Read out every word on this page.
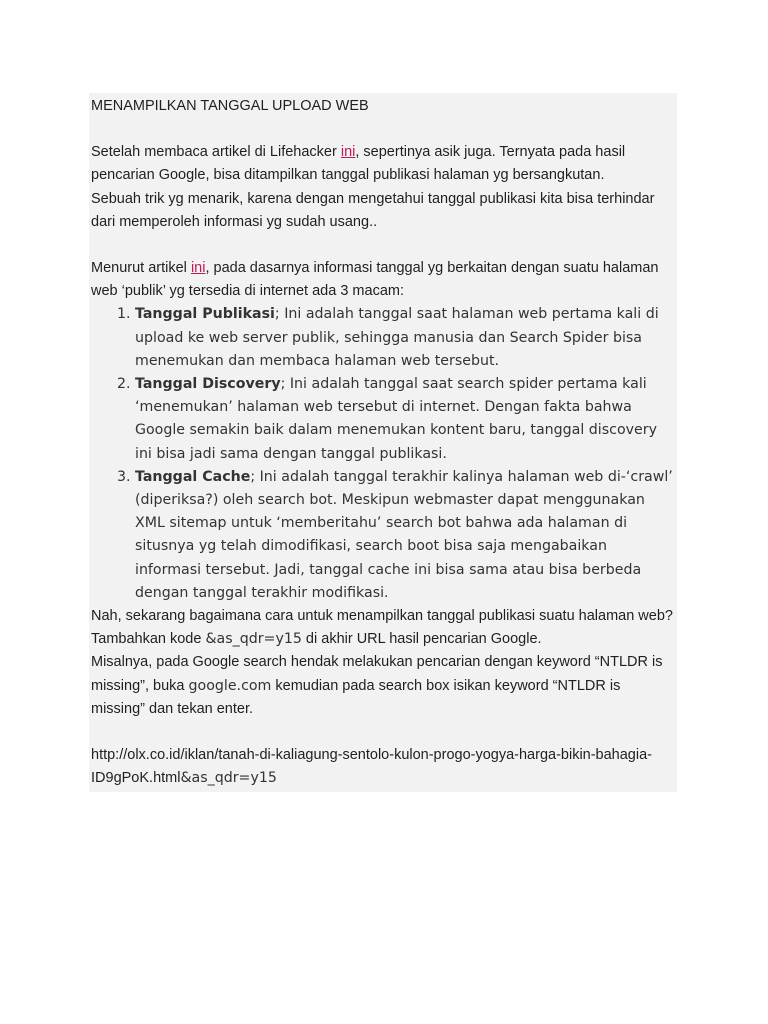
MENAMPILKAN TANGGAL UPLOAD WEB

Setelah membaca artikel di Lifehacker ini, sepertinya asik juga. Ternyata pada hasil pencarian Google, bisa ditampilkan tanggal publikasi halaman yg bersangkutan.

Sebuah trik yg menarik, karena dengan mengetahui tanggal publikasi kita bisa terhindar dari memperoleh informasi yg sudah usang..

Menurut artikel ini, pada dasarnya informasi tanggal yg berkaitan dengan suatu halaman web ‘publik’ yg tersedia di internet ada 3 macam:

1. Tanggal Publikasi; Ini adalah tanggal saat halaman web pertama kali di upload ke web server publik, sehingga manusia dan Search Spider bisa menemukan dan membaca halaman web tersebut.
2. Tanggal Discovery; Ini adalah tanggal saat search spider pertama kali ‘menemukan’ halaman web tersebut di internet. Dengan fakta bahwa Google semakin baik dalam menemukan kontent baru, tanggal discovery ini bisa jadi sama dengan tanggal publikasi.
3. Tanggal Cache; Ini adalah tanggal terakhir kalinya halaman web di-‘crawl’ (diperiksa?) oleh search bot. Meskipun webmaster dapat menggunakan XML sitemap untuk ‘memberitahu’ search bot bahwa ada halaman di situsnya yg telah dimodifikasi, search boot bisa saja mengabaikan informasi tersebut. Jadi, tanggal cache ini bisa sama atau bisa berbeda dengan tanggal terakhir modifikasi.

Nah, sekarang bagaimana cara untuk menampilkan tanggal publikasi suatu halaman web? Tambahkan kode &as_qdr=y15 di akhir URL hasil pencarian Google.

Misalnya, pada Google search hendak melakukan pencarian dengan keyword “NTLDR is missing”, buka google.com kemudian pada search box isikan keyword “NTLDR is missing” dan tekan enter.

http://olx.co.id/iklan/tanah-di-kaliagung-sentolo-kulon-progo-yogya-harga-bikin-bahagia-ID9gPoK.html&as_qdr=y15
